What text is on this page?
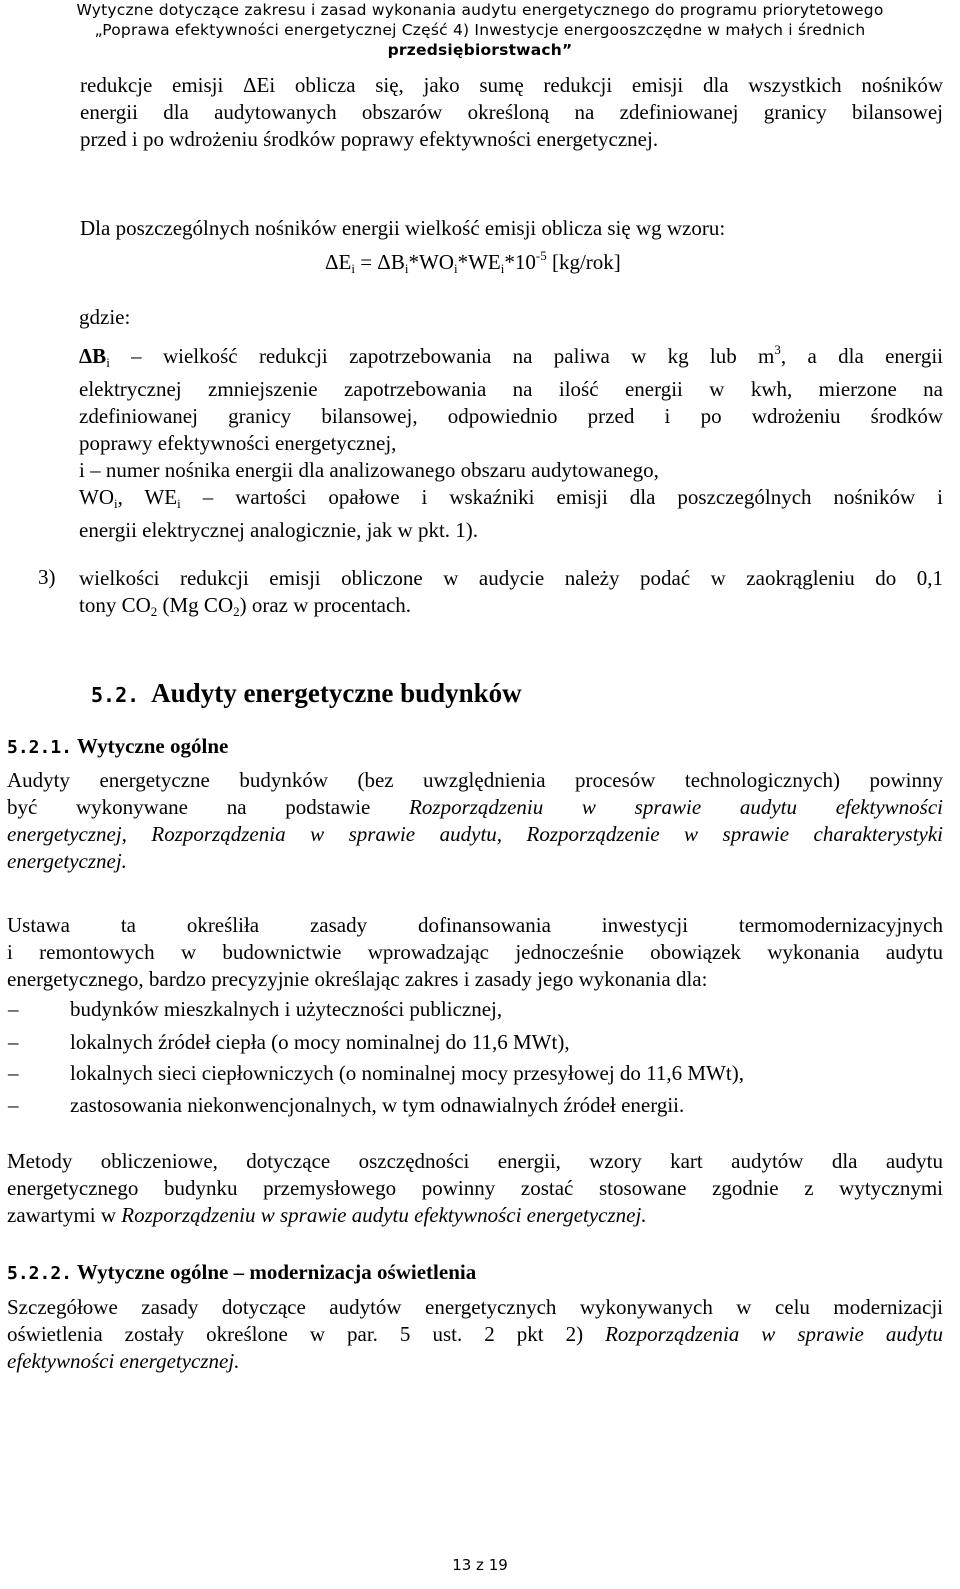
Wytyczne dotyczące zakresu i zasad wykonania audytu energetycznego do programu priorytetowego
„Poprawa efektywności energetycznej Część 4) Inwestycje energooszczędne w małych i średnich
przedsiębiorstwach”
redukcje emisji ΔEi oblicza się, jako sumę redukcji emisji dla wszystkich nośników
energii dla audytowanych obszarów określoną na zdefiniowanej granicy bilansowej
przed i po wdrożeniu środków poprawy efektywności energetycznej.
Dla poszczególnych nośników energii wielkość emisji oblicza się wg wzoru:
$\Delta E_i = \Delta B_i*WO_i*WE_i*10^{-5}$ [kg/rok]
gdzie:
$\Delta B_i$ – wielkość redukcji zapotrzebowania na paliwa w kg lub $m^3$, a dla energii
elektrycznej zmniejszenie zapotrzebowania na ilość energii w kwh, mierzone na
zdefiniowanej granicy bilansowej, odpowiednio przed i po wdrożeniu środków
poprawy efektywności energetycznej,
i – numer nośnika energii dla analizowanego obszaru audytowanego,
$WO_i$, $WE_i$ – wartości opałowe i wskaźniki emisji dla poszczególnych nośników i
energii elektrycznej analogicznie, jak w pkt. 1).
3) wielkości redukcji emisji obliczone w audycie należy podać w zaokrągleniu do 0,1
tony $CO_2$ (Mg $CO_2$) oraz w procentach.
5.2. Audyty energetyczne budynków
5.2.1. Wytyczne ogólne
Audyty energetyczne budynków (bez uwzględnienia procesów technologicznych) powinny
być wykonywane na podstawie Rozporządzeniu w sprawie audytu efektywności
energetycznej, Rozporządzenia w sprawie audytu, Rozporządzenie w sprawie charakterystyki
energetycznej.
Ustawa ta określiła zasady dofinansowania inwestycji termomodernizacyjnych
i remontowych w budownictwie wprowadzając jednocześnie obowiązek wykonania audytu
energetycznego, bardzo precyzyjnie określając zakres i zasady jego wykonania dla:
– budynków mieszkalnych i użyteczności publicznej,
– lokalnych źródeł ciepła (o mocy nominalnej do 11,6 MWt),
– lokalnych sieci ciepłowniczych (o nominalnej mocy przesyłowej do 11,6 MWt),
– zastosowania niekonwencjonalnych, w tym odnawialnych źródeł energii.
Metody obliczeniowe, dotyczące oszczędności energii, wzory kart audytów dla audytu
energetycznego budynku przemysłowego powinny zostać stosowane zgodnie z wytycznymi
zawartymi w Rozporządzeniu w sprawie audytu efektywności energetycznej.
5.2.2. Wytyczne ogólne – modernizacja oświetlenia
Szczegółowe zasady dotyczące audytów energetycznych wykonywanych w celu modernizacji
oświetlenia zostały określone w par. 5 ust. 2 pkt 2) Rozporządzenia w sprawie audytu
efektywności energetycznej.
13 z 19
